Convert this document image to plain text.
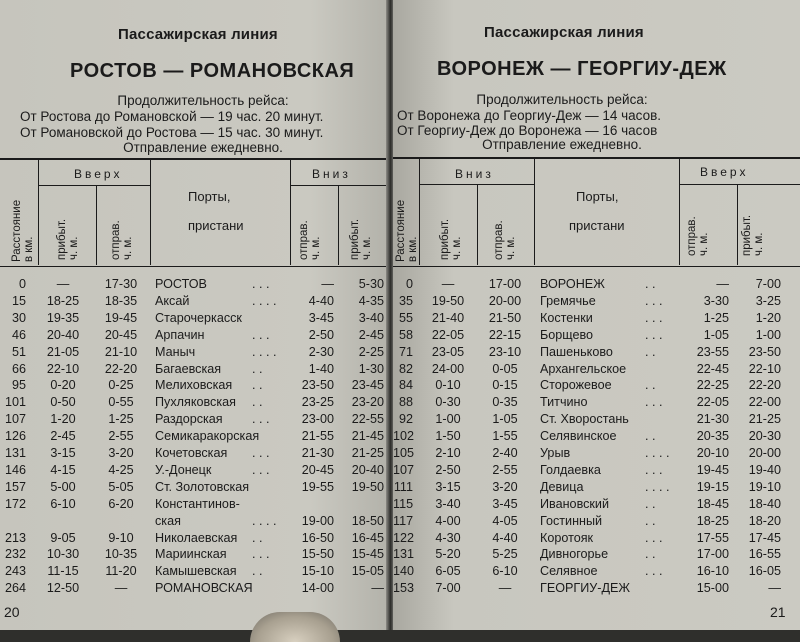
Пассажирская линия
РОСТОВ — РОМАНОВСКАЯ
Продолжительность рейса:
От Ростова до Романовской — 19 час. 20 минут.
От Романовской до Ростова — 15 час. 30 минут.
Отправление ежедневно.
Расстояние в км.
Вверх
прибыт. ч. м.	отправ. ч. м.
Порты,
пристани
Вниз
отправ. ч. м. прибыт. ч. м.
0	—	17-30	РОСТОВ	. . .	—	5-30
15	18-25	18-35	Аксай	. . . .	4-40	4-35
30	19-35	19-45	Старочеркасск	3-45	3-40
46	20-40	20-45	Арпачин	. . .	2-50	2-45
51	21-05	21-10	Маныч	. . . .	2-30	2-25
66	22-10	22-20	Багаевская . .	1-40	1-30
95	0-20	0-25	Мелиховская . .	23-50	23-45
101	0-50	0-55	Пухляковская . .	23-25	23-20
107	1-20	1-25	Раздорская . . .	23-00	22-55
126	2-45	2-55	Семикаракорская	21-55	21-45
131	3-15	3-20	Кочетовская . . .	21-30	21-25
146	4-15	4-25	У.-Донецк	. . .	20-45	20-40
157	5-00	5-05	Ст. Золотовская	19-55	19-50
172	6-10	6-20	Константинов-
ская	. . . .	19-00	18-50
213	9-05	9-10	Николаевская . .	16-50	16-45
232	10-30	10-35	Мариинская . . .	15-50	15-45
243	11-15	11-20	Камышевская . .	15-10	15-05
264	12-50	—	РОМАНОВСКАЯ	14-00	—
20
Пассажирская линия
ВОРОНЕЖ — ГЕОРГИУ-ДЕЖ
Продолжительность рейса:
От Воронежа до Георгиу-Деж — 14 часов.
От Георгиу-Деж до Воронежа — 16 часов
Отправление ежедневно.
Расстояние в км.
Вниз
прибыт. ч. м.	отправ. ч. м.
Порты,
пристани
Вверх
отправ. ч. м.	прибыт. ч. м.
0	—	17-00	ВОРОНЕЖ	. .	—	7-00
35	19-50	20-00	Гремячье	. . .	3-30	3-25
55	21-40	21-50	Костенки	. . .	1-25	1-20
58	22-05	22-15	Борщево	. . .	1-05	1-00
71	23-05	23-10	Пашеньково	. .	23-55	23-50
82	24-00	0-05	Архангельское	22-45	22-10
84	0-10	0-15	Сторожевое	. .	22-25	22-20
88	0-30	0-35	Титчино	. . .	22-05	22-00
92	1-00	1-05	Ст. Хворостань	21-30	21-25
102	1-50	1-55	Селявинское . .	20-35	20-30
105	2-10	2-40	Урыв	. . . .	20-10	20-00
107	2-50	2-55	Голдаевка	. . .	19-45	19-40
111	3-15	3-20	Девица	. . . .	19-15	19-10
115	3-40	3-45	Ивановский	. .	18-45	18-40
117	4-00	4-05	Гостинный	. .	18-25	18-20
122	4-30	4-40	Коротояк	. . .	17-55	17-45
131	5-20	5-25	Дивногорье	. .	17-00	16-55
140	6-05	6-10	Селявное	. . .	16-10	16-05
153	7-00	—	ГЕОРГИУ-ДЕЖ	15-00	—
21
